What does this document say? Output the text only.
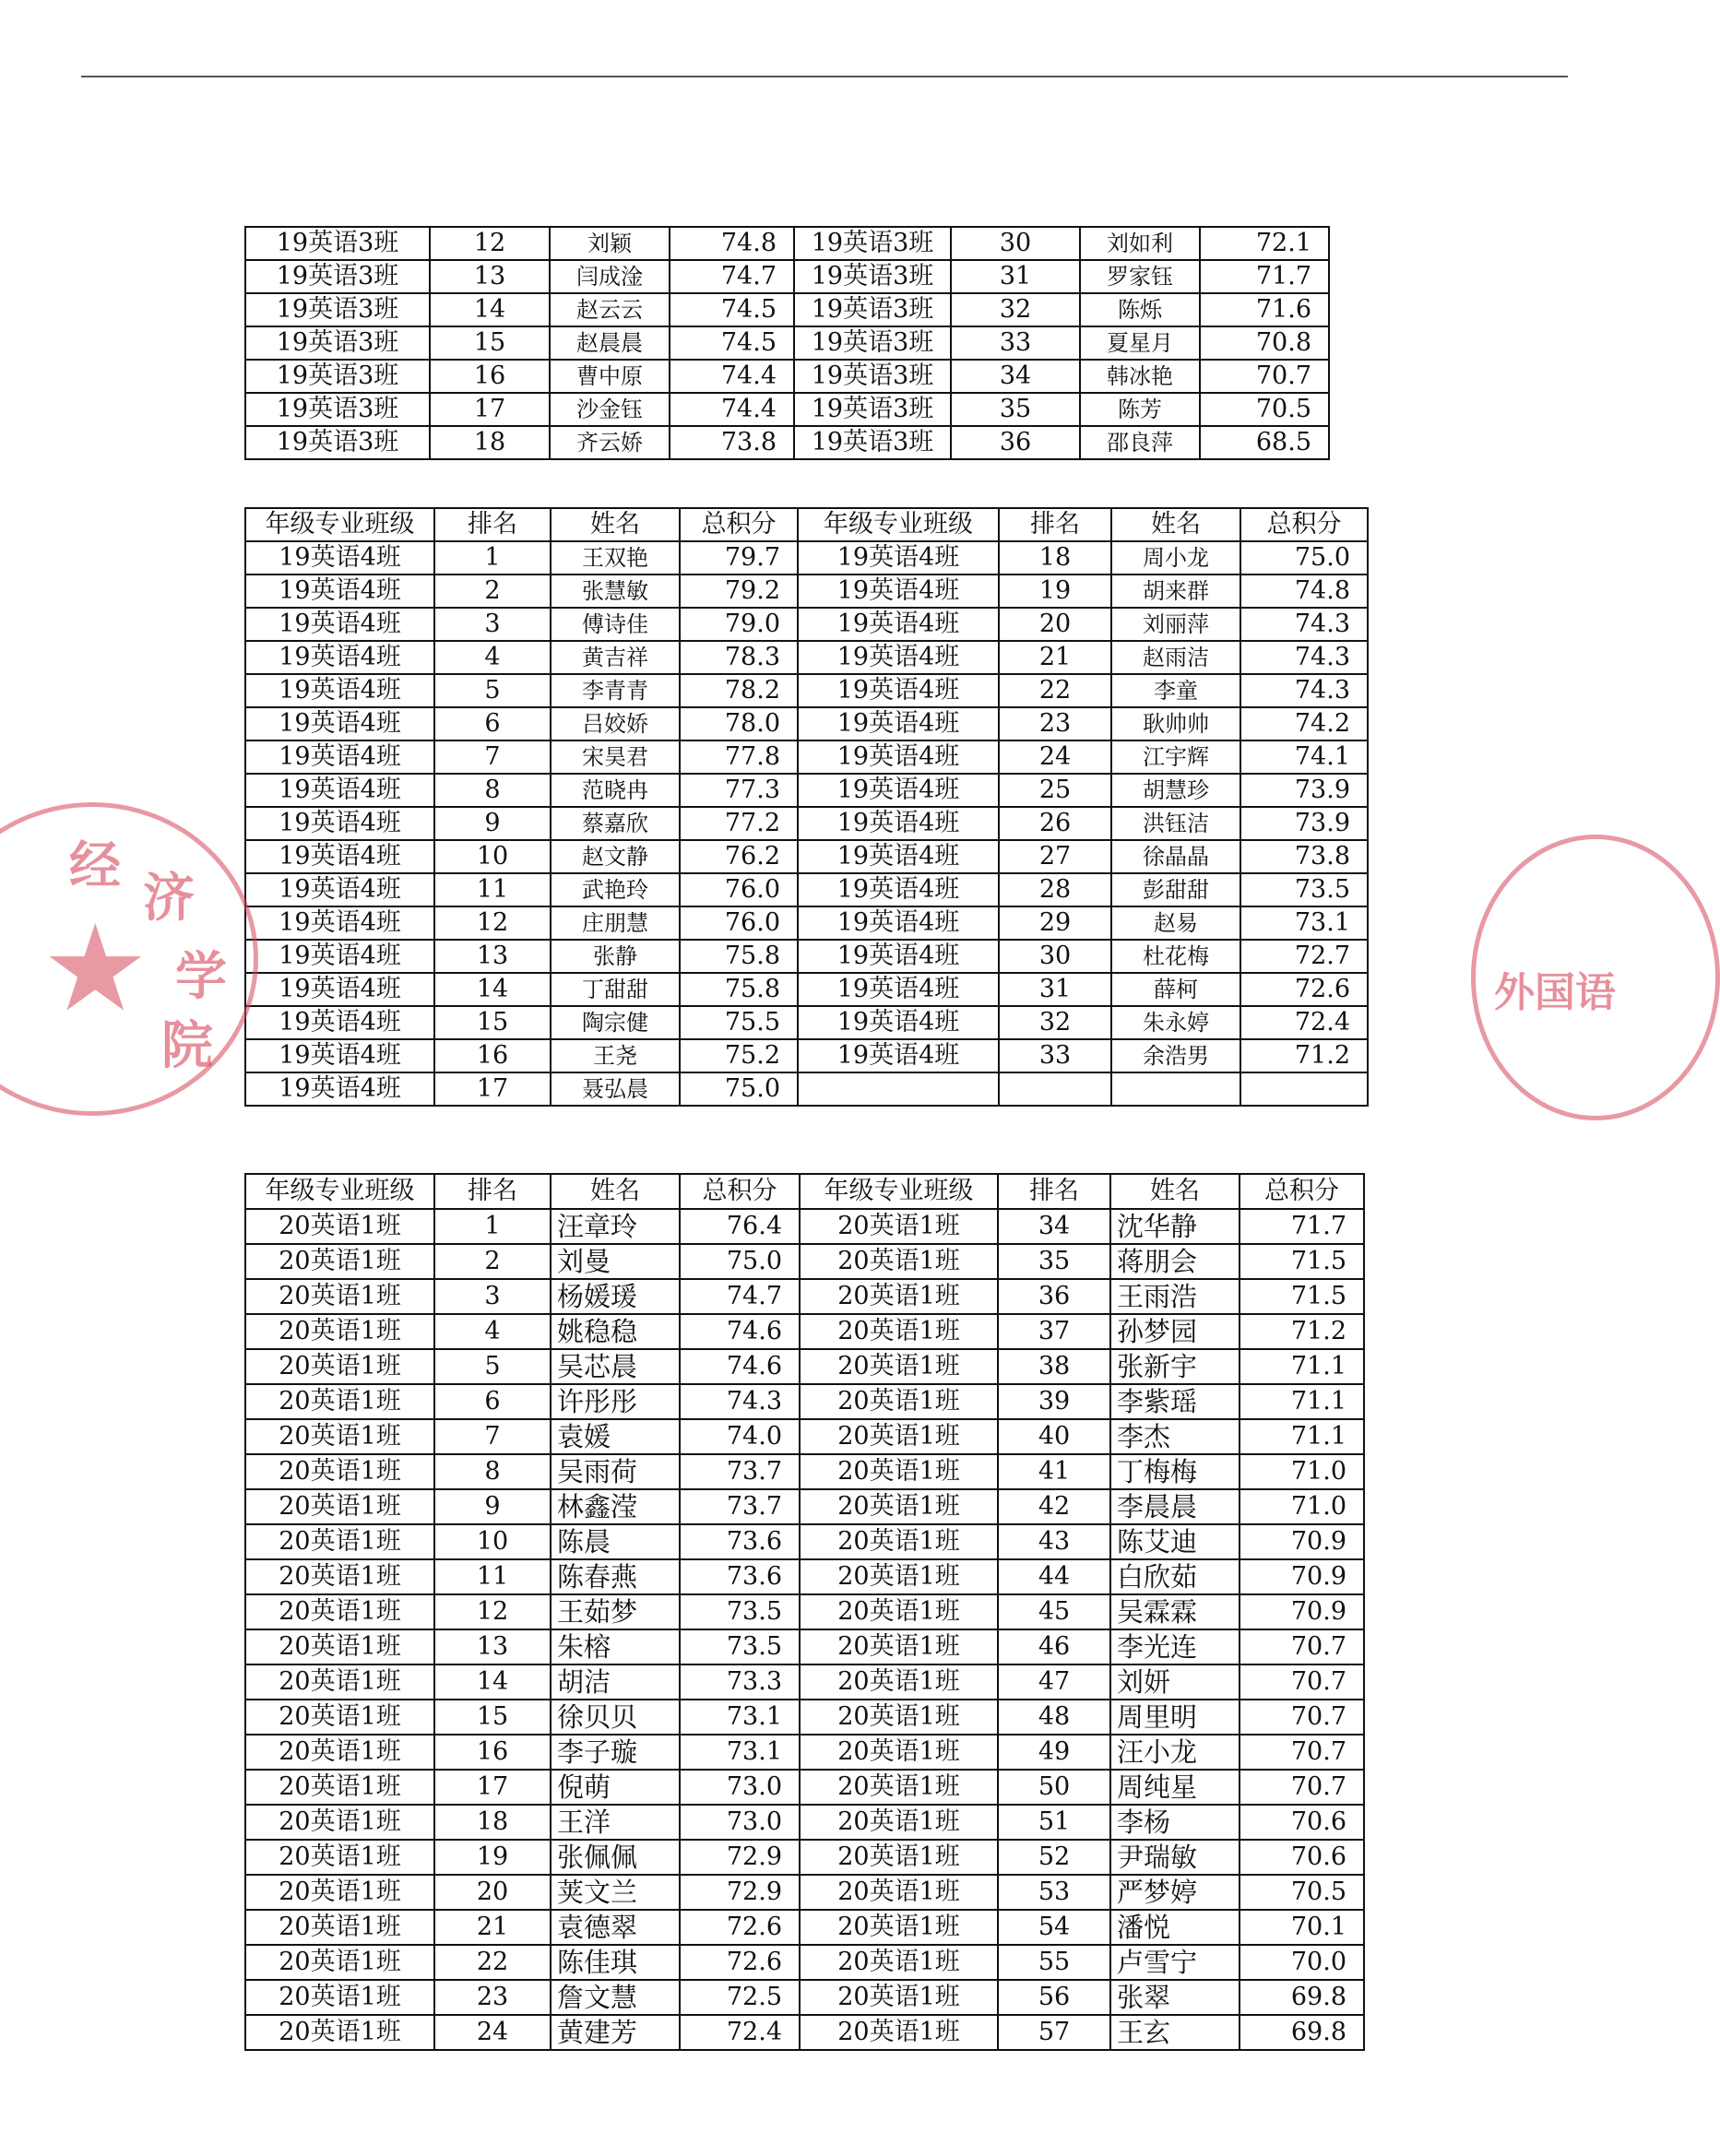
19英语3班	12	刘颖	74.8	19英语3班	30	刘如利	72.1
19英语3班	13	闫成淦	74.7	19英语3班	31	罗家钰	71.7
19英语3班	14	赵云云	74.5	19英语3班	32	陈烁	71.6
19英语3班	15	赵晨晨	74.5	19英语3班	33	夏星月	70.8
19英语3班	16	曹中原	74.4	19英语3班	34	韩冰艳	70.7
19英语3班	17	沙金钰	74.4	19英语3班	35	陈芳	70.5
19英语3班	18	齐云娇	73.8	19英语3班	36	邵良萍	68.5
年级专业班级	排名	姓名	总积分	年级专业班级	排名	姓名	总积分
19英语4班	1	王双艳	79.7	19英语4班	18	周小龙	75.0
19英语4班	2	张慧敏	79.2	19英语4班	19	胡来群	74.8
19英语4班	3	傅诗佳	79.0	19英语4班	20	刘丽萍	74.3
19英语4班	4	黄吉祥	78.3	19英语4班	21	赵雨洁	74.3
19英语4班	5	李青青	78.2	19英语4班	22	李童	74.3
19英语4班	6	吕姣娇	78.0	19英语4班	23	耿帅帅	74.2
19英语4班	7	宋昊君	77.8	19英语4班	24	江宇辉	74.1
19英语4班	8	范晓冉	77.3	19英语4班	25	胡慧珍	73.9
19英语4班	9	蔡嘉欣	77.2	19英语4班	26	洪钰洁	73.9
19英语4班	10	赵文静	76.2	19英语4班	27	徐晶晶	73.8
19英语4班	11	武艳玲	76.0	19英语4班	28	彭甜甜	73.5
19英语4班	12	庄朋慧	76.0	19英语4班	29	赵易	73.1
19英语4班	13	张静	75.8	19英语4班	30	杜花梅	72.7
19英语4班	14	丁甜甜	75.8	19英语4班	31	薛柯	72.6
19英语4班	15	陶宗健	75.5	19英语4班	32	朱永婷	72.4
19英语4班	16	王尧	75.2	19英语4班	33	余浩男	71.2
19英语4班	17	聂弘晨	75.0				
年级专业班级	排名	姓名	总积分	年级专业班级	排名	姓名	总积分
20英语1班	1	汪章玲	76.4	20英语1班	34	沈华静	71.7
20英语1班	2	刘曼	75.0	20英语1班	35	蒋朋会	71.5
20英语1班	3	杨媛瑗	74.7	20英语1班	36	王雨浩	71.5
20英语1班	4	姚稳稳	74.6	20英语1班	37	孙梦园	71.2
20英语1班	5	吴芯晨	74.6	20英语1班	38	张新宇	71.1
20英语1班	6	许彤彤	74.3	20英语1班	39	李紫瑶	71.1
20英语1班	7	袁媛	74.0	20英语1班	40	李杰	71.1
20英语1班	8	吴雨荷	73.7	20英语1班	41	丁梅梅	71.0
20英语1班	9	林鑫滢	73.7	20英语1班	42	李晨晨	71.0
20英语1班	10	陈晨	73.6	20英语1班	43	陈艾迪	70.9
20英语1班	11	陈春燕	73.6	20英语1班	44	白欣茹	70.9
20英语1班	12	王茹梦	73.5	20英语1班	45	吴霖霖	70.9
20英语1班	13	朱榕	73.5	20英语1班	46	李光连	70.7
20英语1班	14	胡洁	73.3	20英语1班	47	刘妍	70.7
20英语1班	15	徐贝贝	73.1	20英语1班	48	周里明	70.7
20英语1班	16	李子璇	73.1	20英语1班	49	汪小龙	70.7
20英语1班	17	倪萌	73.0	20英语1班	50	周纯星	70.7
20英语1班	18	王洋	73.0	20英语1班	51	李杨	70.6
20英语1班	19	张佩佩	72.9	20英语1班	52	尹瑞敏	70.6
20英语1班	20	荚文兰	72.9	20英语1班	53	严梦婷	70.5
20英语1班	21	袁德翠	72.6	20英语1班	54	潘悦	70.1
20英语1班	22	陈佳琪	72.6	20英语1班	55	卢雪宁	70.0
20英语1班	23	詹文慧	72.5	20英语1班	56	张翠	69.8
20英语1班	24	黄建芳	72.4	20英语1班	57	王玄	69.8
★
经
济
学
院
外国语
